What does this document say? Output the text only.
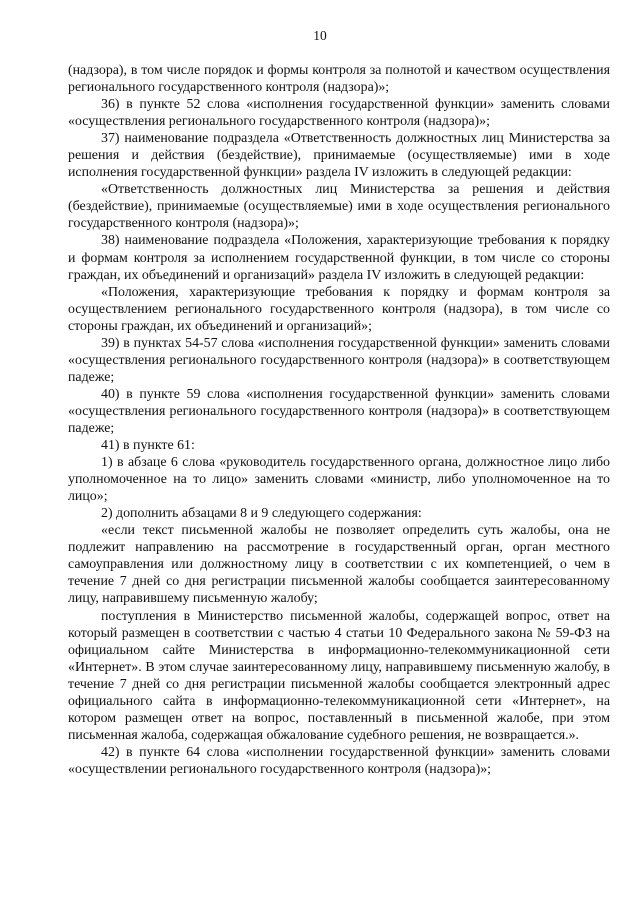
10

(надзора), в том числе порядок и формы контроля за полнотой и качеством осуществления регионального государственного контроля (надзора)»;

36) в пункте 52 слова «исполнения государственной функции» заменить словами «осуществления регионального государственного контроля (надзора)»;

37) наименование подраздела «Ответственность должностных лиц Министерства за решения и действия (бездействие), принимаемые (осуществляемые) ими в ходе исполнения государственной функции» раздела IV изложить в следующей редакции:

«Ответственность должностных лиц Министерства за решения и действия (бездействие), принимаемые (осуществляемые) ими в ходе осуществления регионального государственного контроля (надзора)»;

38) наименование подраздела «Положения, характеризующие требования к порядку и формам контроля за исполнением государственной функции, в том числе со стороны граждан, их объединений и организаций» раздела IV изложить в следующей редакции:

«Положения, характеризующие требования к порядку и формам контроля за осуществлением регионального государственного контроля (надзора), в том числе со стороны граждан, их объединений и организаций»;

39) в пунктах 54-57 слова «исполнения государственной функции» заменить словами «осуществления регионального государственного контроля (надзора)» в соответствующем падеже;

40) в пункте 59 слова «исполнения государственной функции» заменить словами «осуществления регионального государственного контроля (надзора)» в соответствующем падеже;

41) в пункте 61:

1) в абзаце 6 слова «руководитель государственного органа, должностное лицо либо уполномоченное на то лицо» заменить словами «министр, либо уполномоченное на то лицо»;

2) дополнить абзацами 8 и 9 следующего содержания:

«если текст письменной жалобы не позволяет определить суть жалобы, она не подлежит направлению на рассмотрение в государственный орган, орган местного самоуправления или должностному лицу в соответствии с их компетенцией, о чем в течение 7 дней со дня регистрации письменной жалобы сообщается заинтересованному лицу, направившему письменную жалобу;

поступления в Министерство письменной жалобы, содержащей вопрос, ответ на который размещен в соответствии с частью 4 статьи 10 Федерального закона № 59-ФЗ на официальном сайте Министерства в информационно-телекоммуникационной сети «Интернет». В этом случае заинтересованному лицу, направившему письменную жалобу, в течение 7 дней со дня регистрации письменной жалобы сообщается электронный адрес официального сайта в информационно-телекоммуникационной сети «Интернет», на котором размещен ответ на вопрос, поставленный в письменной жалобе, при этом письменная жалоба, содержащая обжалование судебного решения, не возвращается.».

42) в пункте 64 слова «исполнении государственной функции» заменить словами «осуществлении регионального государственного контроля (надзора)»;
